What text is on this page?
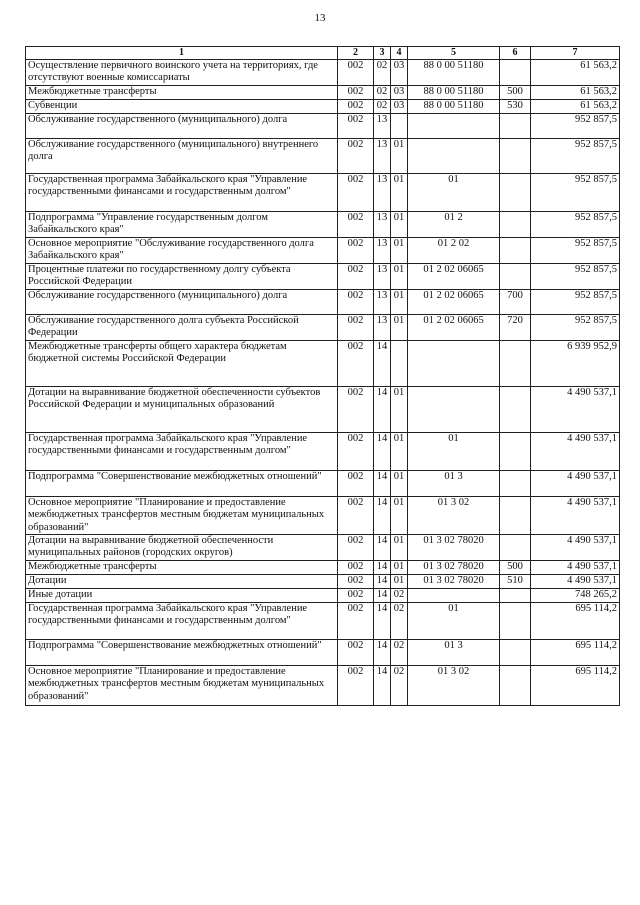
13
1	2	3	4	5	6	7
Осуществление первичного воинского учета на территориях, где отсутствуют военные комиссариаты	002	02	03	88 0 00 51180		61 563,2
Межбюджетные трансферты	002	02	03	88 0 00 51180	500	61 563,2
Субвенции	002	02	03	88 0 00 51180	530	61 563,2
Обслуживание государственного (муниципального) долга	002	13				952 857,5
Обслуживание государственного (муниципального) внутреннего долга	002	13	01			952 857,5
Государственная программа Забайкальского края "Управление государственными финансами и государственным долгом"	002	13	01	01		952 857,5
Подпрограмма "Управление государственным долгом Забайкальского края"	002	13	01	01 2		952 857,5
Основное мероприятие "Обслуживание государственного долга Забайкальского края"	002	13	01	01 2 02		952 857,5
Процентные платежи по государственному долгу субъекта Российской Федерации	002	13	01	01 2 02 06065		952 857,5
Обслуживание государственного (муниципального) долга	002	13	01	01 2 02 06065	700	952 857,5
Обслуживание государственного долга субъекта Российской Федерации	002	13	01	01 2 02 06065	720	952 857,5
Межбюджетные трансферты общего характера бюджетам бюджетной системы Российской Федерации	002	14				6 939 952,9
Дотации на выравнивание бюджетной обеспеченности субъектов Российской Федерации и муниципальных образований	002	14	01			4 490 537,1
Государственная программа Забайкальского края "Управление государственными финансами и государственным долгом"	002	14	01	01		4 490 537,1
Подпрограмма "Совершенствование межбюджетных отношений"	002	14	01	01 3		4 490 537,1
Основное мероприятие "Планирование и предоставление межбюджетных трансфертов местным бюджетам муниципальных образований"	002	14	01	01 3 02		4 490 537,1
Дотации на выравнивание бюджетной обеспеченности муниципальных районов (городских округов)	002	14	01	01 3 02 78020		4 490 537,1
Межбюджетные трансферты	002	14	01	01 3 02 78020	500	4 490 537,1
Дотации	002	14	01	01 3 02 78020	510	4 490 537,1
Иные дотации	002	14	02			748 265,2
Государственная программа Забайкальского края "Управление государственными финансами и государственным долгом"	002	14	02	01		695 114,2
Подпрограмма "Совершенствование межбюджетных отношений"	002	14	02	01 3		695 114,2
Основное мероприятие "Планирование и предоставление межбюджетных трансфертов местным бюджетам муниципальных образований"	002	14	02	01 3 02		695 114,2
